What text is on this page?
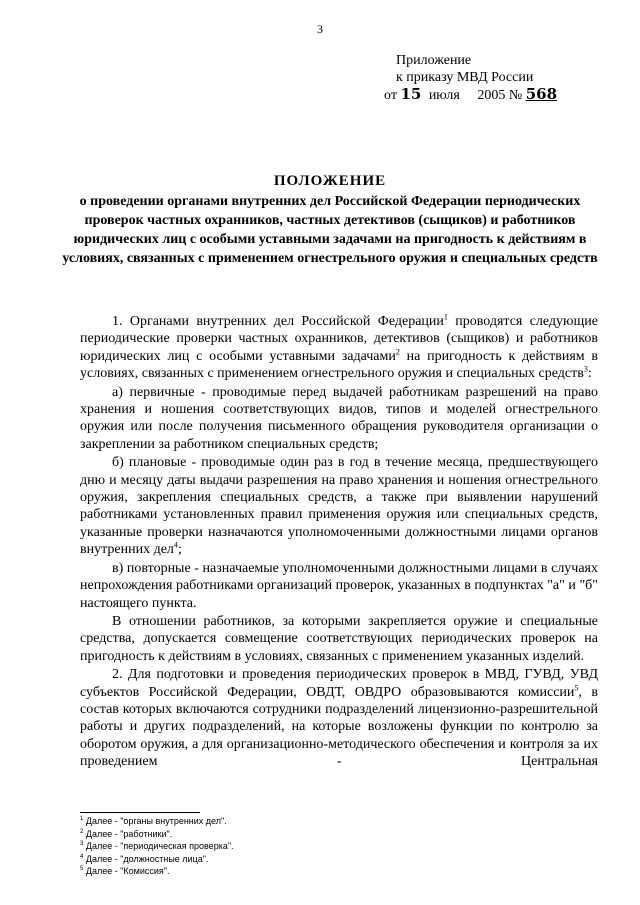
3
Приложение
к приказу МВД России
от 15 июля 2005 № 568
ПОЛОЖЕНИЕ
о проведении органами внутренних дел Российской Федерации периодических проверок частных охранников, частных детективов (сыщиков) и работников юридических лиц с особыми уставными задачами на пригодность к действиям в условиях, связанных с применением огнестрельного оружия и специальных средств

1. Органами внутренних дел Российской Федерации$^1$ проводятся следующие периодические проверки частных охранников, детективов (сыщиков) и работников юридических лиц с особыми уставными задачами$^2$ на пригодность к действиям в условиях, связанных с применением огнестрельного оружия и специальных средств$^3$:

а) первичные - проводимые перед выдачей работникам разрешений на право хранения и ношения соответствующих видов, типов и моделей огнестрельного оружия или после получения письменного обращения руководителя организации о закреплении за работником специальных средств;

б) плановые - проводимые один раз в год в течение месяца, предшествующего дню и месяцу даты выдачи разрешения на право хранения и ношения огнестрельного оружия, закрепления специальных средств, а также при выявлении нарушений работниками установленных правил применения оружия или специальных средств, указанные проверки назначаются уполномоченными должностными лицами органов внутренних дел$^4$;

в) повторные - назначаемые уполномоченными должностными лицами в случаях непрохождения работниками организаций проверок, указанных в подпунктах "а" и "б" настоящего пункта.

В отношении работников, за которыми закрепляется оружие и специальные средства, допускается совмещение соответствующих периодических проверок на пригодность к действиям в условиях, связанных с применением указанных изделий.

2. Для подготовки и проведения периодических проверок в МВД, ГУВД, УВД субъектов Российской Федерации, ОВДТ, ОВДРО образовываются комиссии$^5$, в состав которых включаются сотрудники подразделений лицензионно-разрешительной работы и других подразделений, на которые возложены функции по контролю за оборотом оружия, а для организационно-методического обеспечения и контроля за их проведением - Центральная

$^1$ Далее - "органы внутренних дел".
$^2$ Далее - "работники".
$^3$ Далее - "периодическая проверка".
$^4$ Далее - "должностные лица".
$^5$ Далее - "Комиссия".
